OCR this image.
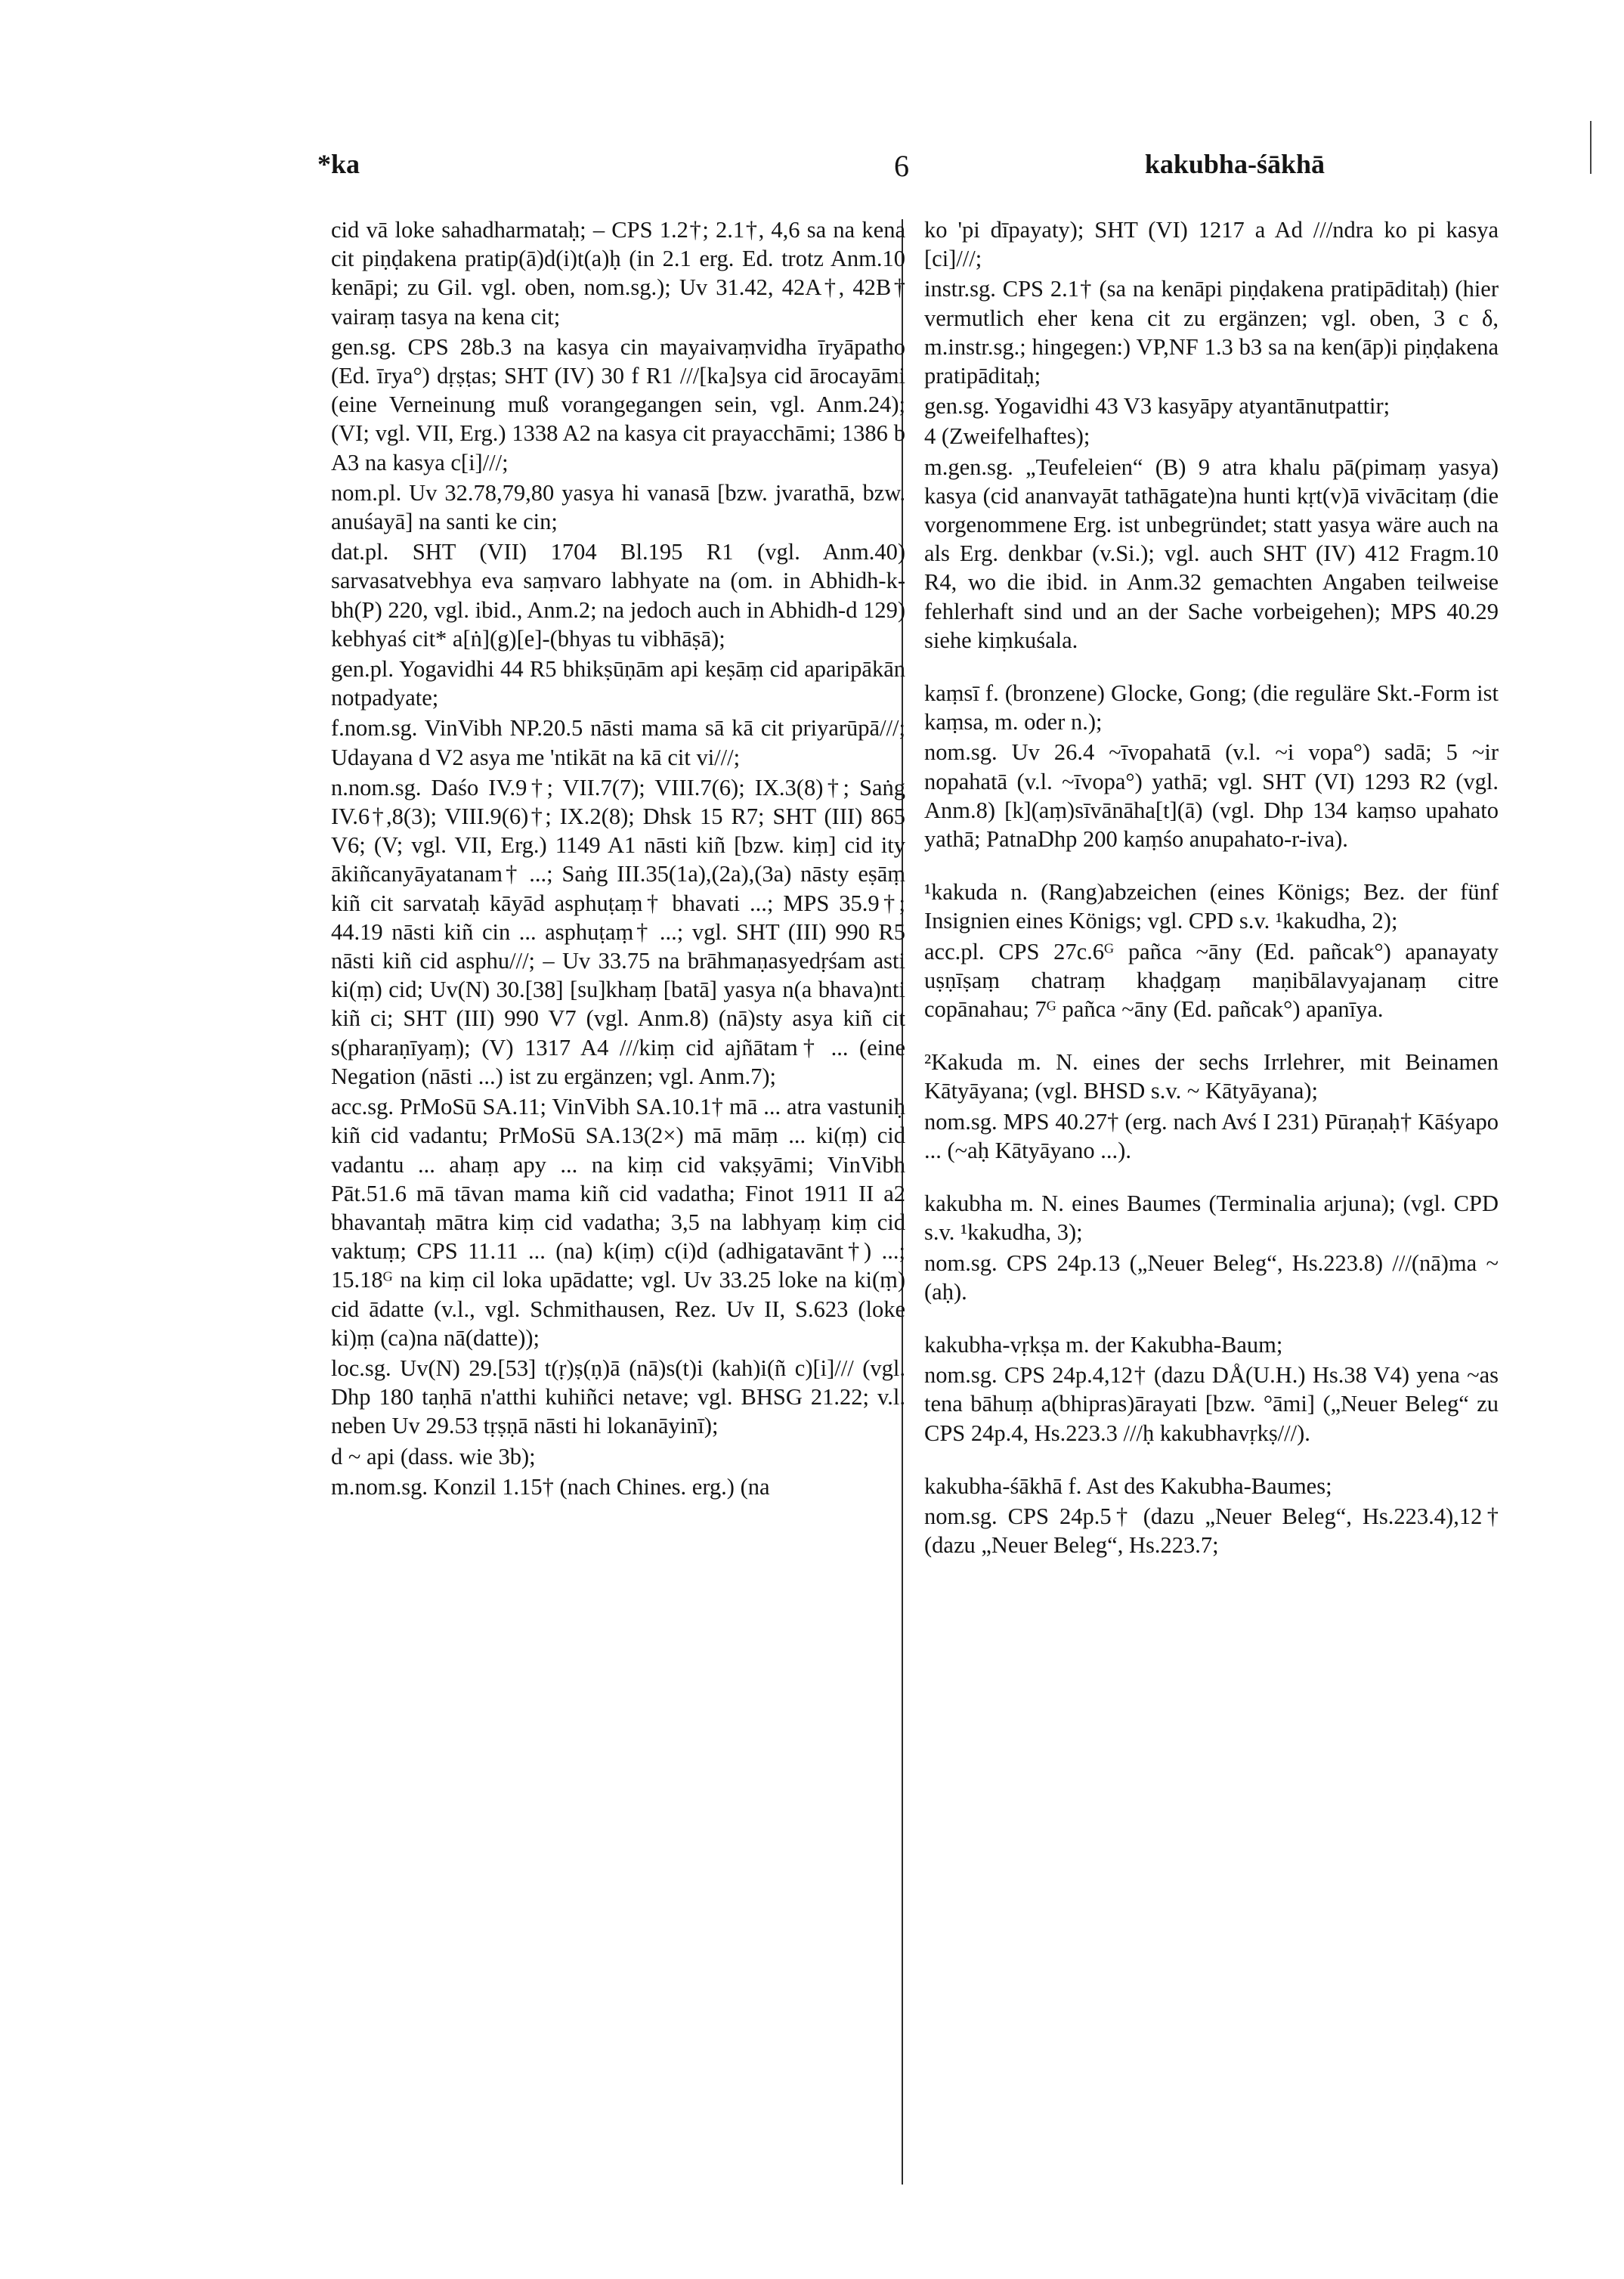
*ka	6	kakubha-śākhā

cid vā loke sahadharmataḥ; – CPS 1.2†; 2.1†, 4,6 sa na kena cit piṇḍakena pratip(ā)d(i)t(a)ḥ (in 2.1 erg. Ed. trotz Anm.10 kenāpi; zu Gil. vgl. oben, nom.sg.); Uv 31.42, 42A†, 42B† vairaṃ tasya na kena cit;

gen.sg. CPS 28b.3 na kasya cin mayaivaṃvidha īryāpatho (Ed. īrya°) dṛṣṭas; SHT (IV) 30 f R1 ///[ka]sya cid ārocayāmi (eine Verneinung muß vorangegangen sein, vgl. Anm.24); (VI; vgl. VII, Erg.) 1338 A2 na kasya cit prayacchāmi; 1386 b A3 na kasya c[i]///;

nom.pl. Uv 32.78,79,80 yasya hi vanasā [bzw. jvarathā, bzw. anuśayā] na santi ke cin;

dat.pl. SHT (VII) 1704 Bl.195 R1 (vgl. Anm.40) sarvasatvebhya eva saṃvaro labhyate na (om. in Abhidh-k-bh(P) 220, vgl. ibid., Anm.2; na jedoch auch in Abhidh-d 129) kebhyaś cit* a[ṅ](g)[e]-(bhyas tu vibhāṣā);

gen.pl. Yogavidhi 44 R5 bhikṣūṇām api keṣāṃ cid aparipākān notpadyate;

f.nom.sg. VinVibh NP.20.5 nāsti mama sā kā cit priyarūpā///; Udayana d V2 asya me 'ntikāt na kā cit vi///;

n.nom.sg. Daśo IV.9†; VII.7(7); VIII.7(6); IX.3(8)†; Saṅg IV.6†,8(3); VIII.9(6)†; IX.2(8); Dhsk 15 R7; SHT (III) 865 V6; (V; vgl. VII, Erg.) 1149 A1 nāsti kiñ [bzw. kiṃ] cid ity ākiñcanyāyatanam† ...; Saṅg III.35(1a),(2a),(3a) nāsty eṣāṃ kiñ cit sarvataḥ kāyād asphuṭaṃ† bhavati ...; MPS 35.9†; 44.19 nāsti kiñ cin ... asphuṭaṃ† ...; vgl. SHT (III) 990 R5 nāsti kiñ cid asphu///; – Uv 33.75 na brāhmaṇasyedṛśam asti ki(ṃ) cid; Uv(N) 30.[38] [su]khaṃ [batā] yasya n(a bhava)nti kiñ ci; SHT (III) 990 V7 (vgl. Anm.8) (nā)sty asya kiñ cit s(pharaṇīyaṃ); (V) 1317 A4 ///kiṃ cid ajñātam† ... (eine Negation (nāsti ...) ist zu ergänzen; vgl. Anm.7);

acc.sg. PrMoSū SA.11; VinVibh SA.10.1† mā ... atra vastuniḥ kiñ cid vadantu; PrMoSū SA.13(2×) mā māṃ ... ki(ṃ) cid vadantu ... ahaṃ apy ... na kiṃ cid vakṣyāmi; VinVibh Pāt.51.6 mā tāvan mama kiñ cid vadatha; Finot 1911 II a2 bhavantaḥ mātra kiṃ cid vadatha; 3,5 na labhyaṃ kiṃ cid vaktuṃ; CPS 11.11 ... (na) k(iṃ) c(i)d (adhigatavānt†) ...; 15.18ᴳ na kiṃ cil loka upādatte; vgl. Uv 33.25 loke na ki(ṃ) cid ādatte (v.l., vgl. Schmithausen, Rez. Uv II, S.623 (loke ki)ṃ (ca)na nā(datte));

loc.sg. Uv(N) 29.[53] t(ṛ)ṣ(ṇ)ā (nā)s(t)i (kah)i(ñ c)[i]/// (vgl. Dhp 180 taṇhā n'atthi kuhiñci netave; vgl. BHSG 21.22; v.l. neben Uv 29.53 tṛṣṇā nāsti hi lokanāyinī);

d ~ api (dass. wie 3b);

m.nom.sg. Konzil 1.15† (nach Chines. erg.) (na

ko 'pi dīpayaty); SHT (VI) 1217 a Ad ///ndra ko pi kasya [ci]///;

instr.sg. CPS 2.1† (sa na kenāpi piṇḍakena pratipāditaḥ) (hier vermutlich eher kena cit zu ergänzen; vgl. oben, 3 c δ, m.instr.sg.; hingegen:) VP,NF 1.3 b3 sa na ken(āp)i piṇḍakena pratipāditaḥ;

gen.sg. Yogavidhi 43 V3 kasyāpy atyantānutpattir;

4 (Zweifelhaftes);

m.gen.sg. „Teufeleien“ (B) 9 atra khalu pā(pimaṃ yasya) kasya (cid ananvayāt tathāgate)na hunti kṛt(v)ā vivācitaṃ (die vorgenommene Erg. ist unbegründet; statt yasya wäre auch na als Erg. denkbar (v.Si.); vgl. auch SHT (IV) 412 Fragm.10 R4, wo die ibid. in Anm.32 gemachten Angaben teilweise fehlerhaft sind und an der Sache vorbeigehen); MPS 40.29 siehe kiṃkuśala.

kaṃsī f. (bronzene) Glocke, Gong; (die reguläre Skt.-Form ist kaṃsa, m. oder n.);

nom.sg. Uv 26.4 ~īvopahatā (v.l. ~i vopa°) sadā; 5 ~ir nopahatā (v.l. ~īvopa°) yathā; vgl. SHT (VI) 1293 R2 (vgl. Anm.8) [k](aṃ)sīvānāha[t](ā) (vgl. Dhp 134 kaṃso upahato yathā; PatnaDhp 200 kaṃśo anupahato-r-iva).

¹kakuda n. (Rang)abzeichen (eines Königs; Bez. der fünf Insignien eines Königs; vgl. CPD s.v. ¹kakudha, 2);

acc.pl. CPS 27c.6ᴳ pañca ~āny (Ed. pañcak°) apanayaty uṣṇīṣaṃ chatraṃ khaḍgaṃ maṇibālavyajanaṃ citre copānahau; 7ᴳ pañca ~āny (Ed. pañcak°) apanīya.

²Kakuda m. N. eines der sechs Irrlehrer, mit Beinamen Kātyāyana; (vgl. BHSD s.v. ~ Kātyāyana);

nom.sg. MPS 40.27† (erg. nach Avś I 231) Pūraṇaḥ† Kāśyapo ... (~aḥ Kātyāyano ...).

kakubha m. N. eines Baumes (Terminalia arjuna); (vgl. CPD s.v. ¹kakudha, 3);

nom.sg. CPS 24p.13 („Neuer Beleg“, Hs.223.8) ///(nā)ma ~(aḥ).

kakubha-vṛkṣa m. der Kakubha-Baum;

nom.sg. CPS 24p.4,12† (dazu DÅ(U.H.) Hs.38 V4) yena ~as tena bāhuṃ a(bhipras)ārayati [bzw. °āmi] („Neuer Beleg“ zu CPS 24p.4, Hs.223.3 ///ḥ kakubhavṛkṣ///).

kakubha-śākhā f. Ast des Kakubha-Baumes;

nom.sg. CPS 24p.5† (dazu „Neuer Beleg“, Hs.223.4),12† (dazu „Neuer Beleg“, Hs.223.7;
